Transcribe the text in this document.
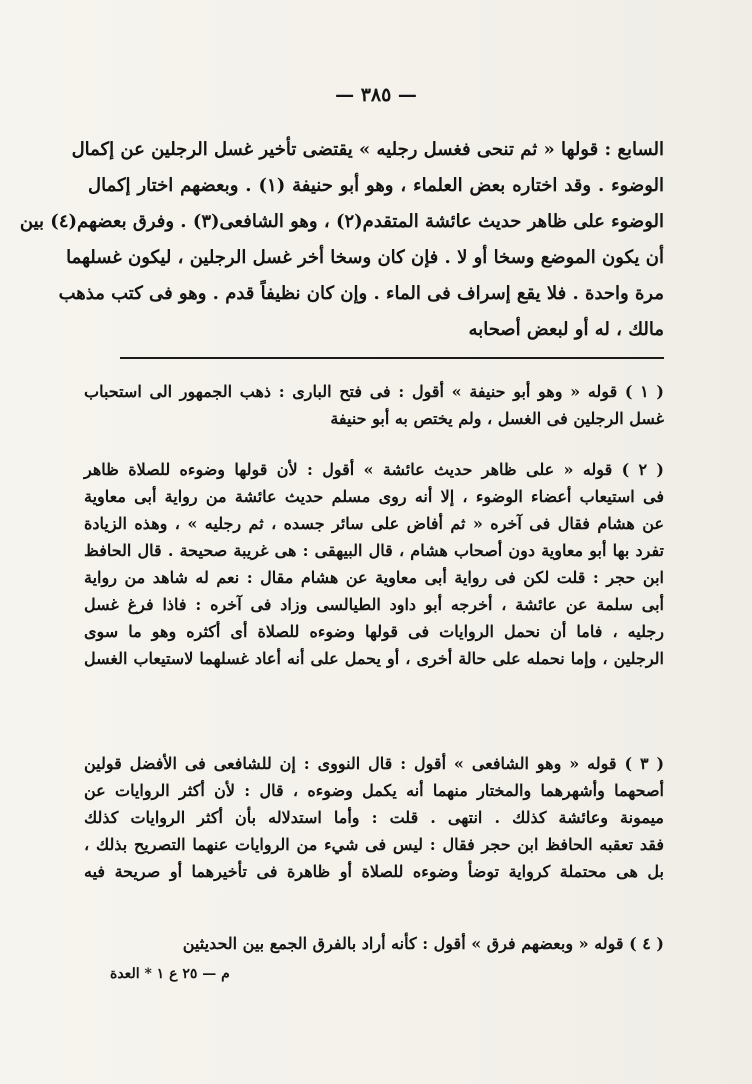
— ٣٨٥ —
السابع : قولها « ثم تنحى فغسل رجليه » يقتضى تأخير غسل الرجلين عن إكمال
الوضوء . وقد اختاره بعض العلماء ، وهو أبو حنيفة (١) . وبعضهم اختار إكمال
الوضوء على ظاهر حديث عائشة المتقدم(٢) ، وهو الشافعى(٣) . وفرق بعضهم(٤) بين
أن يكون الموضع وسخا أو لا . فإن كان وسخا أخر غسل الرجلين ، ليكون غسلهما
مرة واحدة . فلا يقع إسراف فى الماء . وإن كان نظيفاً قدم . وهو فى كتب مذهب
مالك ، له أو لبعض أصحابه
( ١ ) قوله « وهو أبو حنيفة » أقول : فى فتح البارى : ذهب الجمهور الى استحباب
غسل الرجلين فى الغسل ، ولم يختص به أبو حنيفة
( ٢ ) قوله « على ظاهر حديث عائشة » أقول : لأن قولها وضوءه للصلاة ظاهر
فى استيعاب أعضاء الوضوء ، إلا أنه روى مسلم حديث عائشة من رواية أبى معاوية
عن هشام فقال فى آخره « ثم أفاض على سائر جسده ، ثم رجليه » ، وهذه الزيادة
تفرد بها أبو معاوية دون أصحاب هشام ، قال البيهقى : هى غريبة صحيحة . قال الحافظ
ابن حجر : قلت لكن فى رواية أبى معاوية عن هشام مقال : نعم له شاهد من رواية
أبى سلمة عن عائشة ، أخرجه أبو داود الطيالسى وزاد فى آخره : فاذا فرغ غسل
رجليه ، فاما أن نحمل الروايات فى قولها وضوءه للصلاة أى أكثره وهو ما سوى
الرجلين ، وإما نحمله على حالة أخرى ، أو يحمل على أنه أعاد غسلهما لاستيعاب الغسل
( ٣ ) قوله « وهو الشافعى » أقول : قال النووى : إن للشافعى فى الأفضل قولين
أصحهما وأشهرهما والمختار منهما أنه يكمل وضوءه ، قال : لأن أكثر الروايات عن
ميمونة وعائشة كذلك . انتهى . قلت : وأما استدلاله بأن أكثر الروايات كذلك
فقد تعقبه الحافظ ابن حجر فقال : ليس فى شيء من الروايات عنهما التصريح بذلك ،
بل هى محتملة كرواية توضأ وضوءه للصلاة أو ظاهرة فى تأخيرهما أو صريحة فيه
( ٤ ) قوله « وبعضهم فرق » أقول : كأنه أراد بالفرق الجمع بين الحديثين
م — ٢٥ ع ١ * العدة
